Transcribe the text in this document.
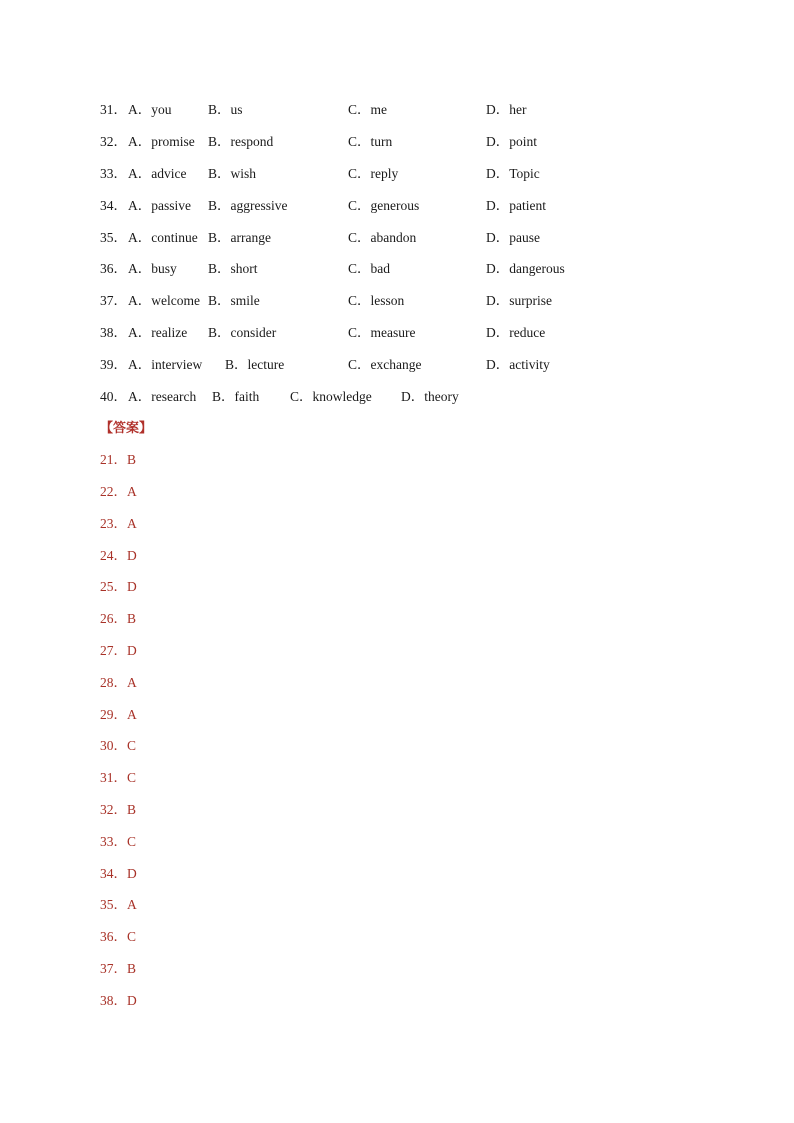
31． A．you	B．us	C．me	D．her
32． A．promise B．respond	C．turn	D．point
33． A．advice B．wish	C．reply	D．Topic
34． A．passive B．aggressive	C．generous	D．patient
35． A．continue B．arrange	C．abandon	D．pause
36． A．busy B．short	C．bad	D．dangerous
37． A．welcome B．smile	C．lesson	D．surprise
38． A．realize B．consider	C．measure	D．reduce
39． A．interview B．lecture	C．exchange	D．activity
40． A．research B．faith C．knowledge D．theory
【答案】
21．B
22．A
23．A
24．D
25．D
26．B
27．D
28．A
29．A
30．C
31．C
32．B
33．C
34．D
35．A
36．C
37．B
38．D
